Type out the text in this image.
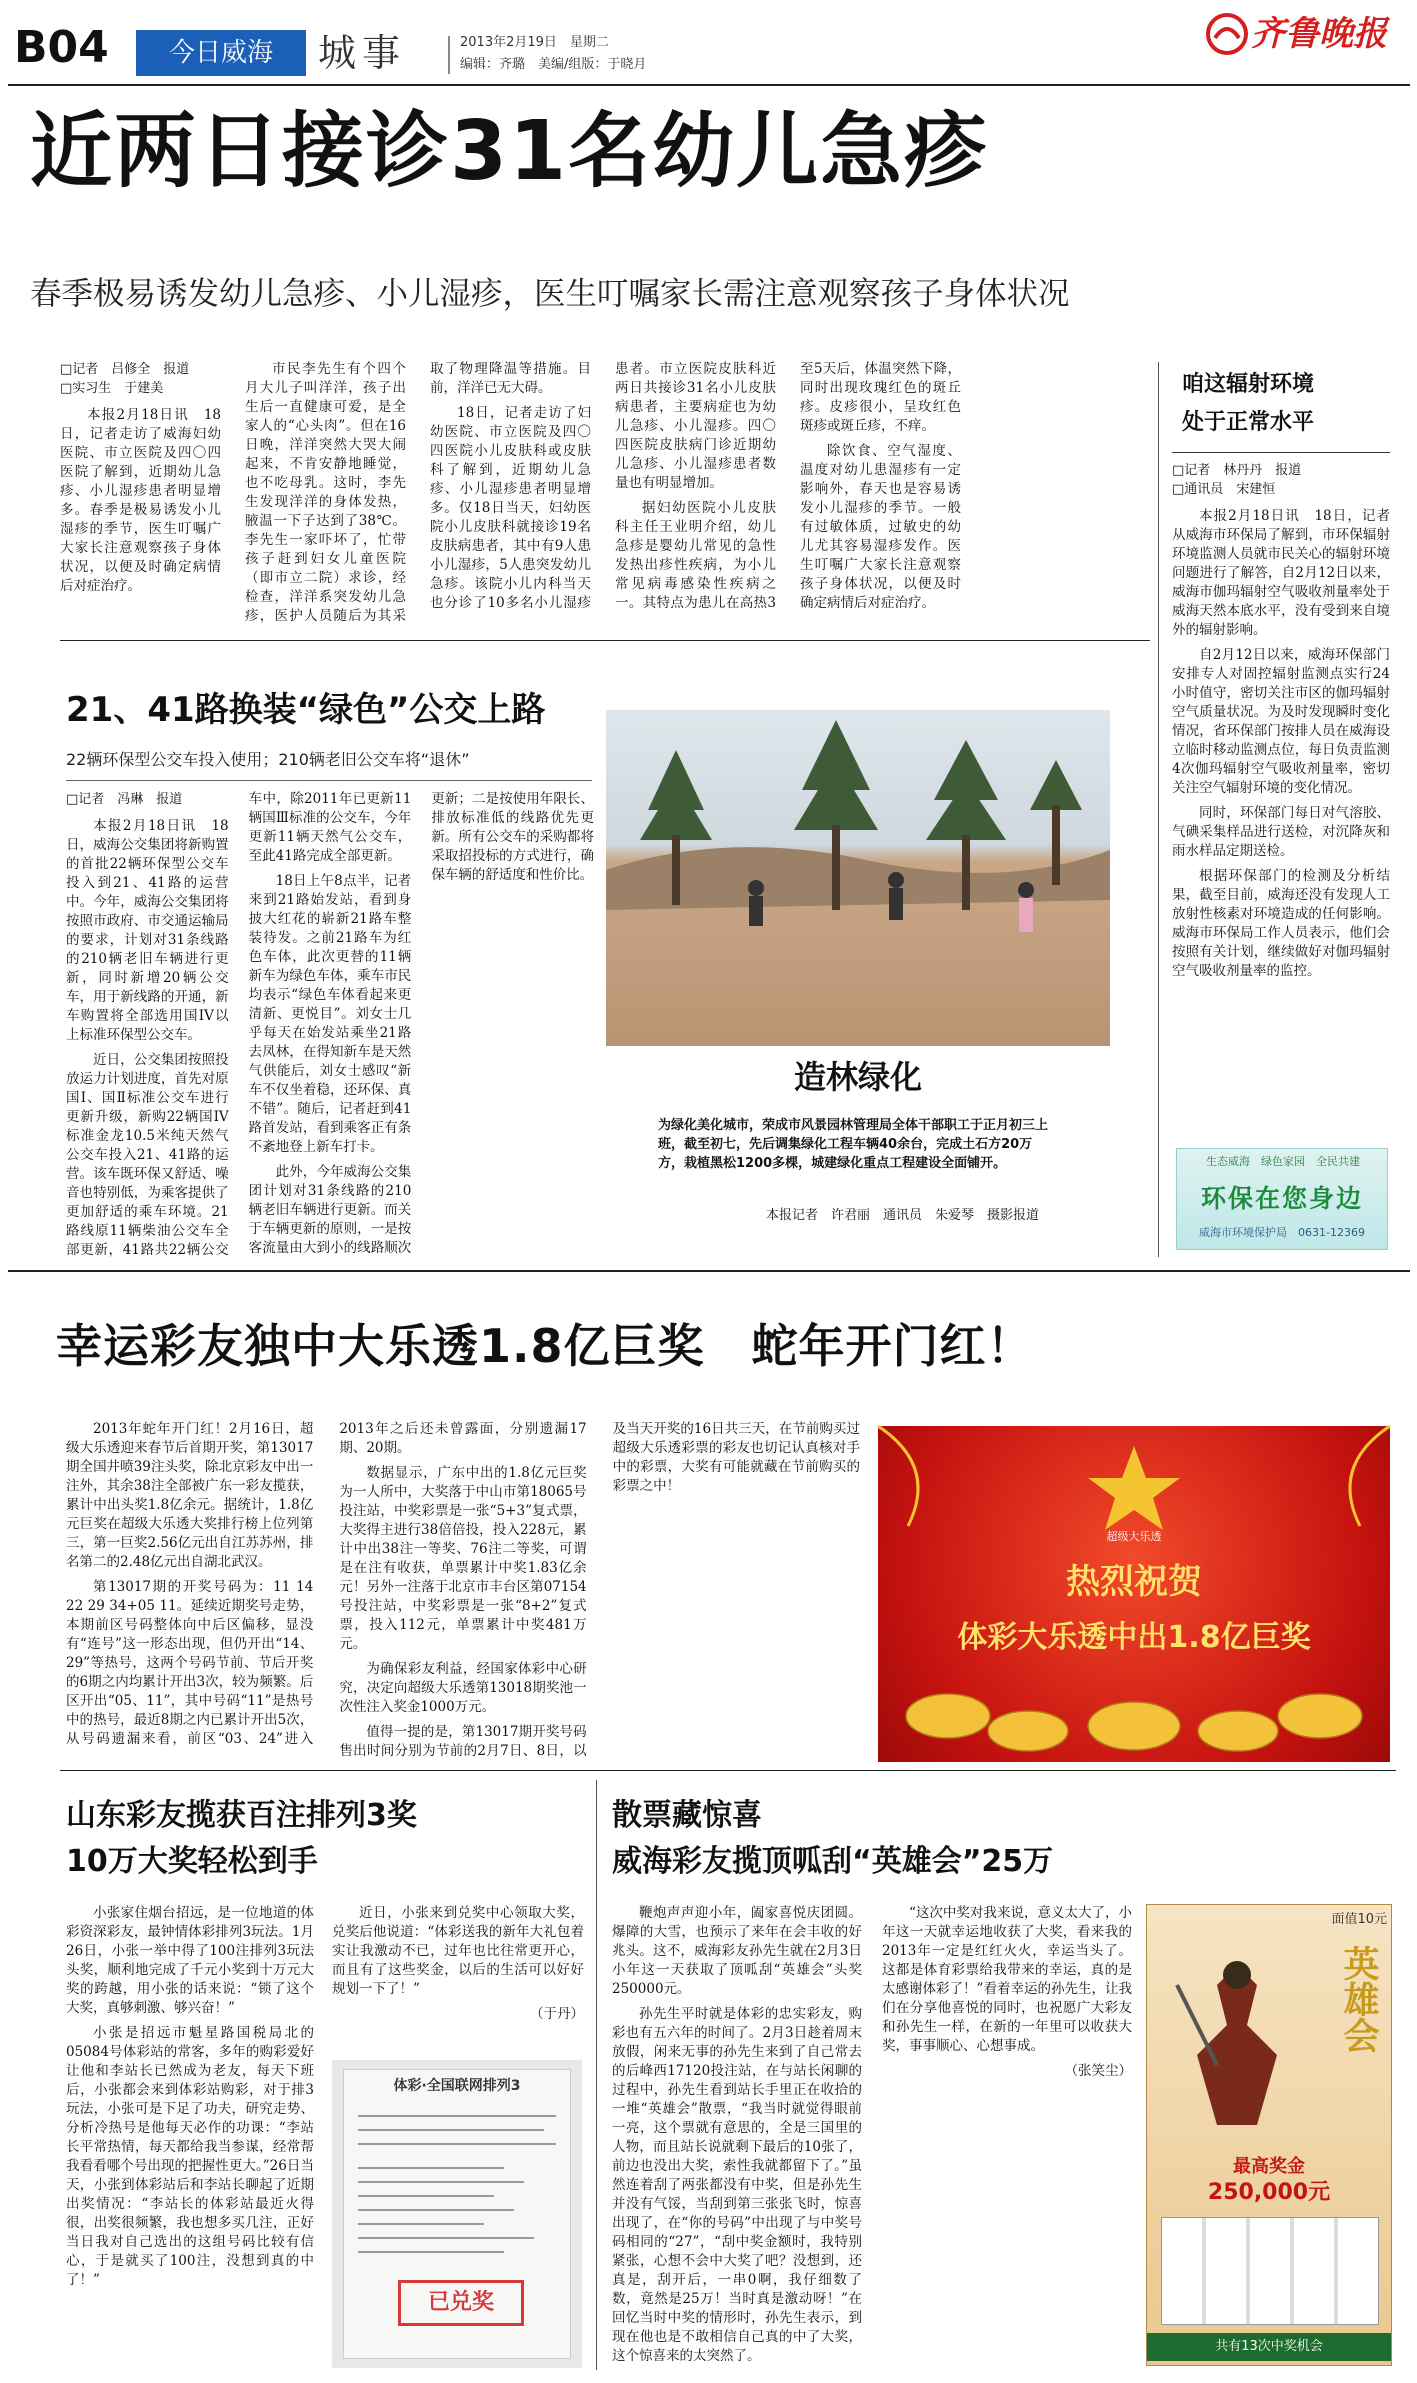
B04	今日威海	城事	2013年2月19日　星期二
编辑：齐璐　美编/组版：于晓月
齐鲁晚报
近两日接诊31名幼儿急疹
春季极易诱发幼儿急疹、小儿湿疹，医生叮嘱家长需注意观察孩子身体状况
□记者　吕修全　报道
□实习生　于建美

本报2月18日讯　18日，记者走访了威海妇幼医院、市立医院及四〇四医院了解到，近期幼儿急疹、小儿湿疹患者明显增多。春季是极易诱发小儿湿疹的季节，医生叮嘱广大家长注意观察孩子身体状况，以便及时确定病情后对症治疗。

市民李先生有个四个月大儿子叫洋洋，孩子出生后一直健康可爱，是全家人的“心头肉”。但在16日晚，洋洋突然大哭大闹起来，不肯安静地睡觉，也不吃母乳。这时，李先生发现洋洋的身体发热，腋温一下子达到了38℃。李先生一家吓坏了，忙带孩子赶到妇女儿童医院（即市立二院）求诊，经检查，洋洋系突发幼儿急疹，医护人员随后为其采取了物理降温等措施。目前，洋洋已无大碍。

18日，记者走访了妇幼医院、市立医院及四〇四医院小儿皮肤科或皮肤科了解到，近期幼儿急疹、小儿湿疹患者明显增多。仅18日当天，妇幼医院小儿皮肤科就接诊19名皮肤病患者，其中有9人患小儿湿疹，5人患突发幼儿急疹。该院小儿内科当天也分诊了10多名小儿湿疹患者。市立医院皮肤科近两日共接诊31名小儿皮肤病患者，主要病症也为幼儿急疹、小儿湿疹。四〇四医院皮肤病门诊近期幼儿急疹、小儿湿疹患者数量也有明显增加。

据妇幼医院小儿皮肤科主任王业明介绍，幼儿急疹是婴幼儿常见的急性发热出疹性疾病，为小儿常见病毒感染性疾病之一。其特点为患儿在高热3至5天后，体温突然下降，同时出现玫瑰红色的斑丘疹。皮疹很小，呈玫红色斑疹或斑丘疹，不痒。

除饮食、空气湿度、温度对幼儿患湿疹有一定影响外，春天也是容易诱发小儿湿疹的季节。一般有过敏体质，过敏史的幼儿尤其容易湿疹发作。医生叮嘱广大家长注意观察孩子身体状况，以便及时确定病情后对症治疗。

咱这辐射环境
处于正常水平
□记者　林丹丹　报道
□通讯员　宋建恒

本报2月18日讯　18日，记者从威海市环保局了解到，市环保辐射环境监测人员就市民关心的辐射环境问题进行了解答，自2月12日以来，威海市伽玛辐射空气吸收剂量率处于威海天然本底水平，没有受到来自境外的辐射影响。

自2月12日以来，威海环保部门安排专人对固控辐射监测点实行24小时值守，密切关注市区的伽玛辐射空气质量状况。为及时发现瞬时变化情况，省环保部门按排人员在威海设立临时移动监测点位，每日负责监测4次伽玛辐射空气吸收剂量率，密切关注空气辐射环境的变化情况。

同时，环保部门每日对气溶胶、气碘采集样品进行送检，对沉降灰和雨水样品定期送检。

根据环保部门的检测及分析结果，截至目前，威海还没有发现人工放射性核素对环境造成的任何影响。威海市环保局工作人员表示，他们会按照有关计划，继续做好对伽玛辐射空气吸收剂量率的监控。

生态威海　绿色家园　全民共建
环保在您身边
威海市环境保护局　0631-12369
21、41路换装“绿色”公交上路
22辆环保型公交车投入使用；210辆老旧公交车将“退休”
□记者　冯琳　报道

本报2月18日讯　18日，威海公交集团将新购置的首批22辆环保型公交车投入到21、41路的运营中。今年，威海公交集团将按照市政府、市交通运输局的要求，计划对31条线路的210辆老旧车辆进行更新，同时新增20辆公交车，用于新线路的开通，新车购置将全部选用国IV以上标准环保型公交车。

近日，公交集团按照投放运力计划进度，首先对原国Ⅰ、国Ⅱ标准公交车进行更新升级，新购22辆国IV标准金龙10.5米纯天然气公交车投入21、41路的运营。该车既环保又舒适、噪音也特别低，为乘客提供了更加舒适的乘车环境。21路线原11辆柴油公交车全部更新，41路共22辆公交车中，除2011年已更新11辆国Ⅲ标准的公交车，今年更新11辆天然气公交车，至此41路完成全部更新。

18日上午8点半，记者来到21路始发站，看到身披大红花的崭新21路车整装待发。之前21路车为红色车体，此次更替的11辆新车为绿色车体，乘车市民均表示“绿色车体看起来更清新、更悦目”。刘女士几乎每天在始发站乘坐21路去凤林，在得知新车是天然气供能后，刘女士感叹“新车不仅坐着稳，还环保、真不错”。随后，记者赶到41路首发站，看到乘客正有条不紊地登上新车打卡。

此外，今年威海公交集团计划对31条线路的210辆老旧车辆进行更新。而关于车辆更新的原则，一是按客流量由大到小的线路顺次更新；二是按使用年限长、排放标准低的线路优先更新。所有公交车的采购都将采取招投标的方式进行，确保车辆的舒适度和性价比。

造林绿化
为绿化美化城市，荣成市风景园林管理局全体干部职工于正月初三上班，截至初七，先后调集绿化工程车辆40余台，完成土石方20万方，栽植黑松1200多棵，城建绿化重点工程建设全面铺开。
本报记者　许君丽　通讯员　朱爱琴　摄影报道
幸运彩友独中大乐透1.8亿巨奖　蛇年开门红！

2013年蛇年开门红！2月16日，超级大乐透迎来春节后首期开奖，第13017期全国井喷39注头奖，除北京彩友中出一注外，其余38注全部被广东一彩友揽获，累计中出头奖1.8亿余元。据统计，1.8亿元巨奖在超级大乐透大奖排行榜上位列第三，第一巨奖2.56亿元出自江苏苏州，排名第二的2.48亿元出自湖北武汉。

第13017期的开奖号码为：11 14 22 29 34+05 11。延续近期奖号走势，本期前区号码整体向中后区偏移，显没有“连号”这一形态出现，但仍开出“14、29”等热号，这两个号码节前、节后开奖的6期之内均累计开出3次，较为频繁。后区开出“05、11”，其中号码“11”是热号中的热号，最近8期之内已累计开出5次，从号码遗漏来看，前区“03、24”进入2013年之后还未曾露面，分别遗漏17期、20期。

数据显示，广东中出的1.8亿元巨奖为一人所中，大奖落于中山市第18065号投注站，中奖彩票是一张“5+3”复式票，大奖得主进行38倍倍投，投入228元，累计中出38注一等奖、76注二等奖，可谓是在注有收获，单票累计中奖1.83亿余元！另外一注落于北京市丰台区第07154号投注站，中奖彩票是一张“8+2”复式票，投入112元，单票累计中奖481万元。

为确保彩友利益，经国家体彩中心研究，决定向超级大乐透第13018期奖池一次性注入奖金1000万元。

值得一提的是，第13017期开奖号码售出时间分别为节前的2月7日、8日，以及当天开奖的16日共三天，在节前购买过超级大乐透彩票的彩友也切记认真核对手中的彩票，大奖有可能就藏在节前购买的彩票之中！

超级大乐透
热烈祝贺
体彩大乐透中出1.8亿巨奖
山东彩友揽获百注排列3奖
10万大奖轻松到手

小张家住烟台招远，是一位地道的体彩资深彩友，最钟情体彩排列3玩法。1月26日，小张一举中得了100注排列3玩法头奖，顺利地完成了千元小奖到十万元大奖的跨越，用小张的话来说：“锁了这个大奖，真够刺激、够兴奋！”

小张是招远市魁星路国税局北的05084号体彩站的常客，多年的购彩爱好让他和李站长已然成为老友，每天下班后，小张都会来到体彩站购彩，对于排3玩法，小张可是下足了功夫，研究走势、分析冷热号是他每天必作的功课：“李站长平常热情，每天都给我当参谋，经常帮我看看哪个号出现的把握性更大。”26日当天，小张到体彩站后和李站长聊起了近期出奖情况：“李站长的体彩站最近火得很，出奖很频繁，我也想多买几注，正好当日我对自己选出的这组号码比较有信心，于是就买了100注，没想到真的中了！”

近日，小张来到兑奖中心领取大奖，兑奖后他说道：“体彩送我的新年大礼包着实让我激动不已，过年也比往常更开心，而且有了这些奖金，以后的生活可以好好规划一下了！”

（于丹）
体彩·全国联网排列3
已兑奖
散票藏惊喜
威海彩友揽顶呱刮“英雄会”25万

鞭炮声声迎小年，阖家喜悦庆团圆。爆障的大雪，也预示了来年在会丰收的好兆头。这不，威海彩友孙先生就在2月3日小年这一天获取了顶呱刮“英雄会”头奖250000元。

孙先生平时就是体彩的忠实彩友，购彩也有五六年的时间了。2月3日趁着周末放假，闲来无事的孙先生来到了自己常去的后峰西17120投注站，在与站长闲聊的过程中，孙先生看到站长手里正在收拾的一堆“英雄会”散票，“我当时就觉得眼前一亮，这个票就有意思的，全是三国里的人物，而且站长说就剩下最后的10张了，前边也没出大奖，索性我就都留下了。”虽然连着刮了两张都没有中奖，但是孙先生并没有气馁，当刮到第三张张飞时，惊喜出现了，在“你的号码”中出现了与中奖号码相同的“27”，“刮中奖金额时，我特别紧张，心想不会中大奖了吧？没想到，还真是，刮开后，一串0啊，我仔细数了数，竟然是25万！当时真是激动呀！”在回忆当时中奖的情形时，孙先生表示，到现在他也是不敢相信自己真的中了大奖，这个惊喜来的太突然了。

“这次中奖对我来说，意义太大了，小年这一天就幸运地收获了大奖，看来我的2013年一定是红红火火，幸运当头了。这都是体育彩票给我带来的幸运，真的是太感谢体彩了！”看着幸运的孙先生，让我们在分享他喜悦的同时，也祝愿广大彩友和孙先生一样，在新的一年里可以收获大奖，事事顺心、心想事成。

（张笑尘）
面值10元
英雄会
最高奖金
250,000元
共有13次中奖机会
